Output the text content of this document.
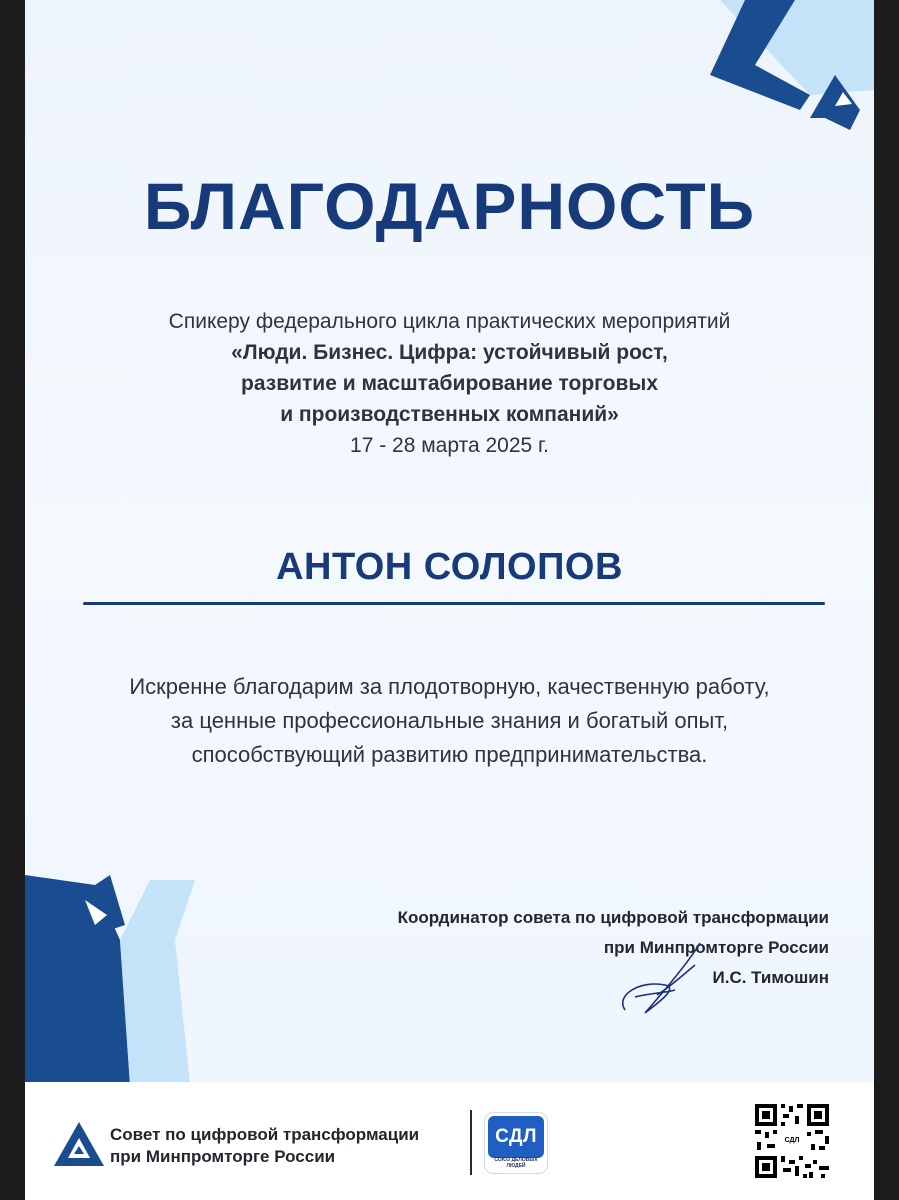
БЛАГОДАРНОСТЬ
Спикеру федерального цикла практических мероприятий
«Люди. Бизнес. Цифра: устойчивый рост,
развитие и масштабирование торговых
и производственных компаний»
17 - 28 марта 2025 г.
АНТОН СОЛОПОВ
Искренне благодарим за плодотворную, качественную работу,
за ценные профессиональные знания и богатый опыт,
способствующий развитию предпринимательства.
Координатор совета по цифровой трансформации
при Минпромторге России
И.С. Тимошин
Совет по цифровой трансформации
при Минпромторге России
СДЛ
СОЮЗ ДЕЛОВЫХ ЛЮДЕЙ
СДЛ
